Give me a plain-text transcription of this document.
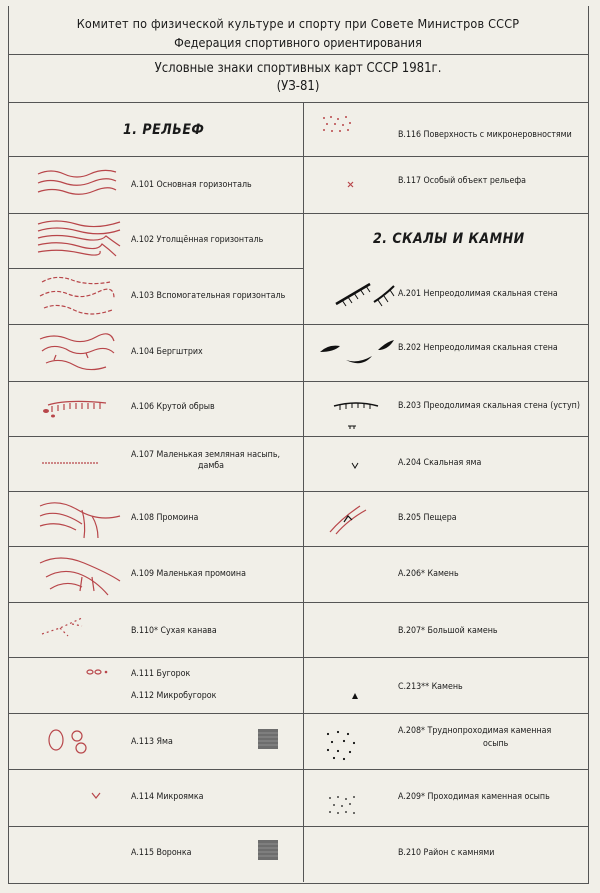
Комитет по физической культуре и спорту при Совете Министров СССР
Федерация спортивного ориентирования
Условные знаки спортивных карт СССР 1981г.
(УЗ-81)
1. РЕЛЬЕФ
2. СКАЛЫ И КАМНИ
А.101 Основная горизонталь
А.102 Утолщённая горизонталь
А.103 Вспомогательная горизонталь
А.104 Бергштрих
А.106 Крутой обрыв
А.107 Маленькая земляная насыпь,
дамба
А.108 Промоина
А.109 Маленькая промоина
В.110* Сухая канава
А.111 Бугорок
А.112 Микробугорок
А.113 Яма
А.114 Микроямка
А.115 Воронка
В.116 Поверхность с микронеровностями
В.117 Особый объект рельефа
А.201 Непреодолимая скальная стена
В.202 Непреодолимая скальная стена
В.203 Преодолимая скальная стена (уступ)
А.204 Скальная яма
В.205 Пещера
А.206* Камень
В.207* Большой камень
С.213** Камень
А.208* Труднопроходимая каменная
осыпь
А.209* Проходимая каменная осыпь
В.210 Район с камнями
